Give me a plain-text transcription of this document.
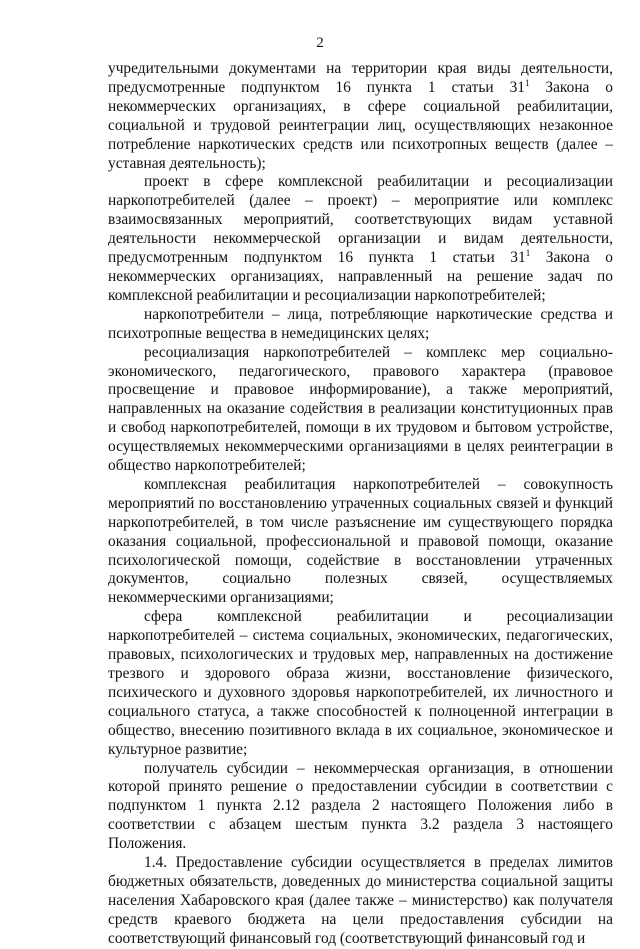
2

учредительными документами на территории края виды деятельности, предусмотренные подпунктом 16 пункта 1 статьи $31^1$ Закона о некоммерческих организациях, в сфере социальной реабилитации, социальной и трудовой реинтеграции лиц, осуществляющих незаконное потребление наркотических средств или психотропных веществ (далее – уставная деятельность);

проект в сфере комплексной реабилитации и ресоциализации наркопотребителей (далее – проект) – мероприятие или комплекс взаимосвязанных мероприятий, соответствующих видам уставной деятельности некоммерческой организации и видам деятельности, предусмотренным подпунктом 16 пункта 1 статьи $31^1$ Закона о некоммерческих организациях, направленный на решение задач по комплексной реабилитации и ресоциализации наркопотребителей;

наркопотребители – лица, потребляющие наркотические средства и психотропные вещества в немедицинских целях;

ресоциализация наркопотребителей – комплекс мер социально-экономического, педагогического, правового характера (правовое просвещение и правовое информирование), а также мероприятий, направленных на оказание содействия в реализации конституционных прав и свобод наркопотребителей, помощи в их трудовом и бытовом устройстве, осуществляемых некоммерческими организациями в целях реинтеграции в общество наркопотребителей;

комплексная реабилитация наркопотребителей – совокупность мероприятий по восстановлению утраченных социальных связей и функций наркопотребителей, в том числе разъяснение им существующего порядка оказания социальной, профессиональной и правовой помощи, оказание психологической помощи, содействие в восстановлении утраченных документов, социально полезных связей, осуществляемых некоммерческими организациями;

сфера комплексной реабилитации и ресоциализации наркопотребителей – система социальных, экономических, педагогических, правовых, психологических и трудовых мер, направленных на достижение трезвого и здорового образа жизни, восстановление физического, психического и духовного здоровья наркопотребителей, их личностного и социального статуса, а также способностей к полноценной интеграции в общество, внесению позитивного вклада в их социальное, экономическое и культурное развитие;

получатель субсидии – некоммерческая организация, в отношении которой принято решение о предоставлении субсидии в соответствии с подпунктом 1 пункта 2.12 раздела 2 настоящего Положения либо в соответствии с абзацем шестым пункта 3.2 раздела 3 настоящего Положения.

1.4. Предоставление субсидии осуществляется в пределах лимитов бюджетных обязательств, доведенных до министерства социальной защиты населения Хабаровского края (далее также – министерство) как получателя средств краевого бюджета на цели предоставления субсидии на соответствующий финансовый год (соответствующий финансовый год и
